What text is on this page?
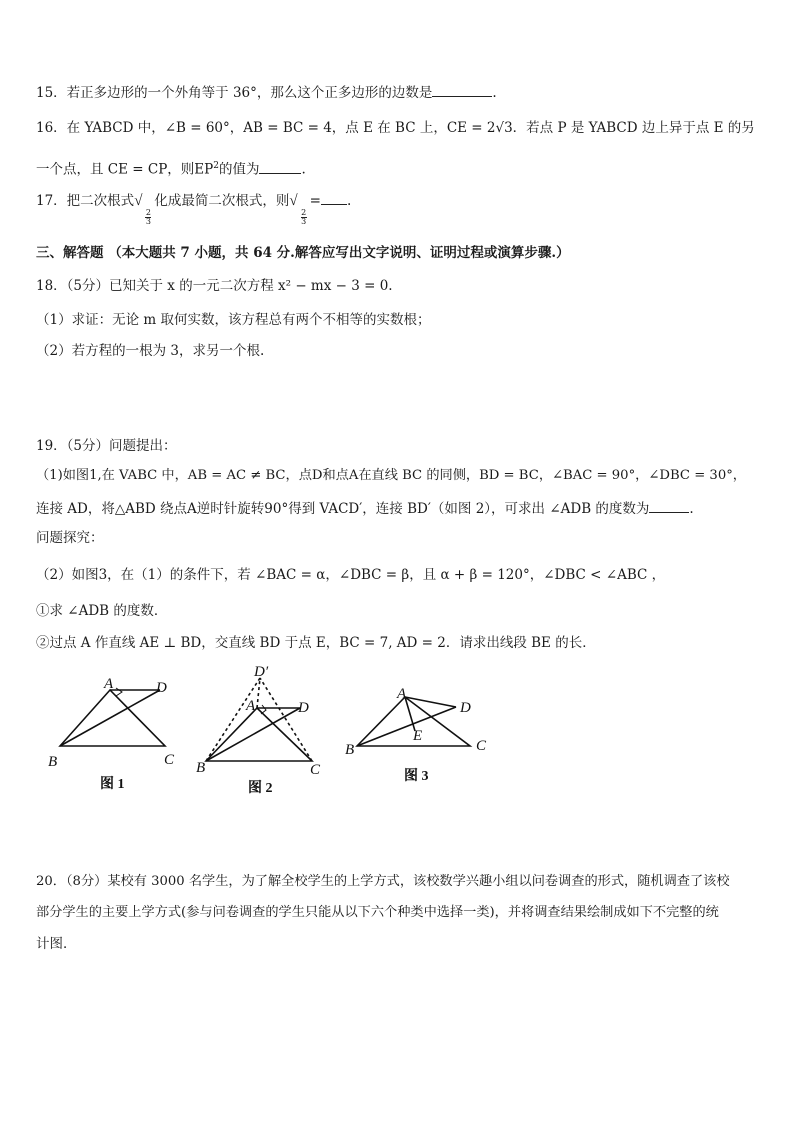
15．若正多边形的一个外角等于 36°，那么这个正多边形的边数是	.
16．在 YABCD 中，∠B = 60°，AB = BC = 4，点 E 在 BC 上，CE = 2√3．若点 P 是 YABCD 边上异于点 E 的另
一个点，且 CE = CP，则$EP^2$的值为	.
17．把二次根式√
$\frac{2}{3}$
化成最简二次根式，则√
$\frac{2}{3}$
= .
三、解答题 （本大题共 7 小题，共 64 分.解答应写出文字说明、证明过程或演算步骤.）
18．（5分）已知关于 x 的一元二次方程 x² − mx − 3 = 0.
（1）求证：无论 m 取何实数，该方程总有两个不相等的实数根；
（2）若方程的一根为 3，求另一个根.
19．（5分）问题提出：
（1)如图1,在 VABC 中，AB = AC ≠ BC，点D和点A在直线 BC 的同侧，BD = BC，∠BAC = 90°，∠DBC = 30°，
连接 AD，将△ABD 绕点A逆时针旋转90°得到 VACD′，连接 BD′（如图 2），可求出 ∠ADB 的度数为	.
问题探究：
（2）如图3，在（1）的条件下，若 ∠BAC = α，∠DBC = β，且 α + β = 120°，∠DBC < ∠ABC ，
①求 ∠ADB 的度数．
②过点 A 作直线 AE ⊥ BD，交直线 BD 于点 E，BC = 7, AD = 2．请求出线段 BE 的长．
A	D
B	C
D′
A	D
B	C
A
D
E
B	C
图 1	图 2
图 3
20．（8分）某校有 3000 名学生，为了解全校学生的上学方式，该校数学兴趣小组以问卷调查的形式，随机调查了该校
部分学生的主要上学方式(参与问卷调查的学生只能从以下六个种类中选择一类)，并将调查结果绘制成如下不完整的统
计图．
